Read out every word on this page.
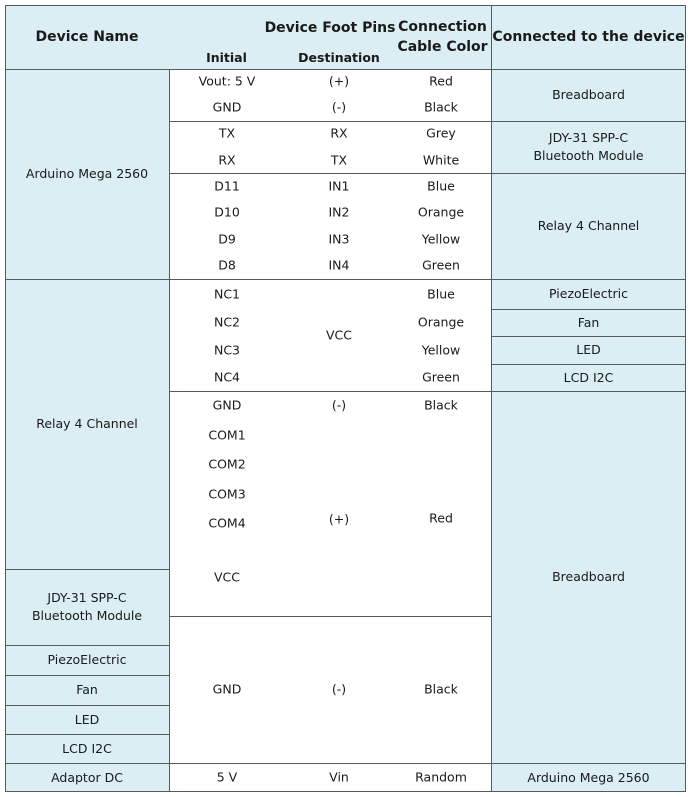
Device Name
Device Foot Pins
Initial	Destination
Connection
Cable Color
Connected to the device
Arduino Mega 2560
Relay 4 Channel
JDY-31 SPP-C
Bluetooth Module
PiezoElectric
Fan
LED
LCD I2C
Adaptor DC
Breadboard
JDY-31 SPP-C
Bluetooth Module
Relay 4 Channel
PiezoElectric
Fan
LED
LCD I2C
Breadboard
Arduino Mega 2560
Vout: 5 V
GND
TX
RX
D11
D10
D9
D8
NC1
NC2
NC3
NC4
GND
COM1
COM2
COM3
COM4
VCC
GND
5 V
(+)
(-)
RX
TX
IN1
IN2
IN3
IN4
VCC
(-)
(+)
(-)
Vin
Red
Black
Grey
White
Blue
Orange
Yellow
Green
Blue
Orange
Yellow
Green
Black
Red
Black
Random
